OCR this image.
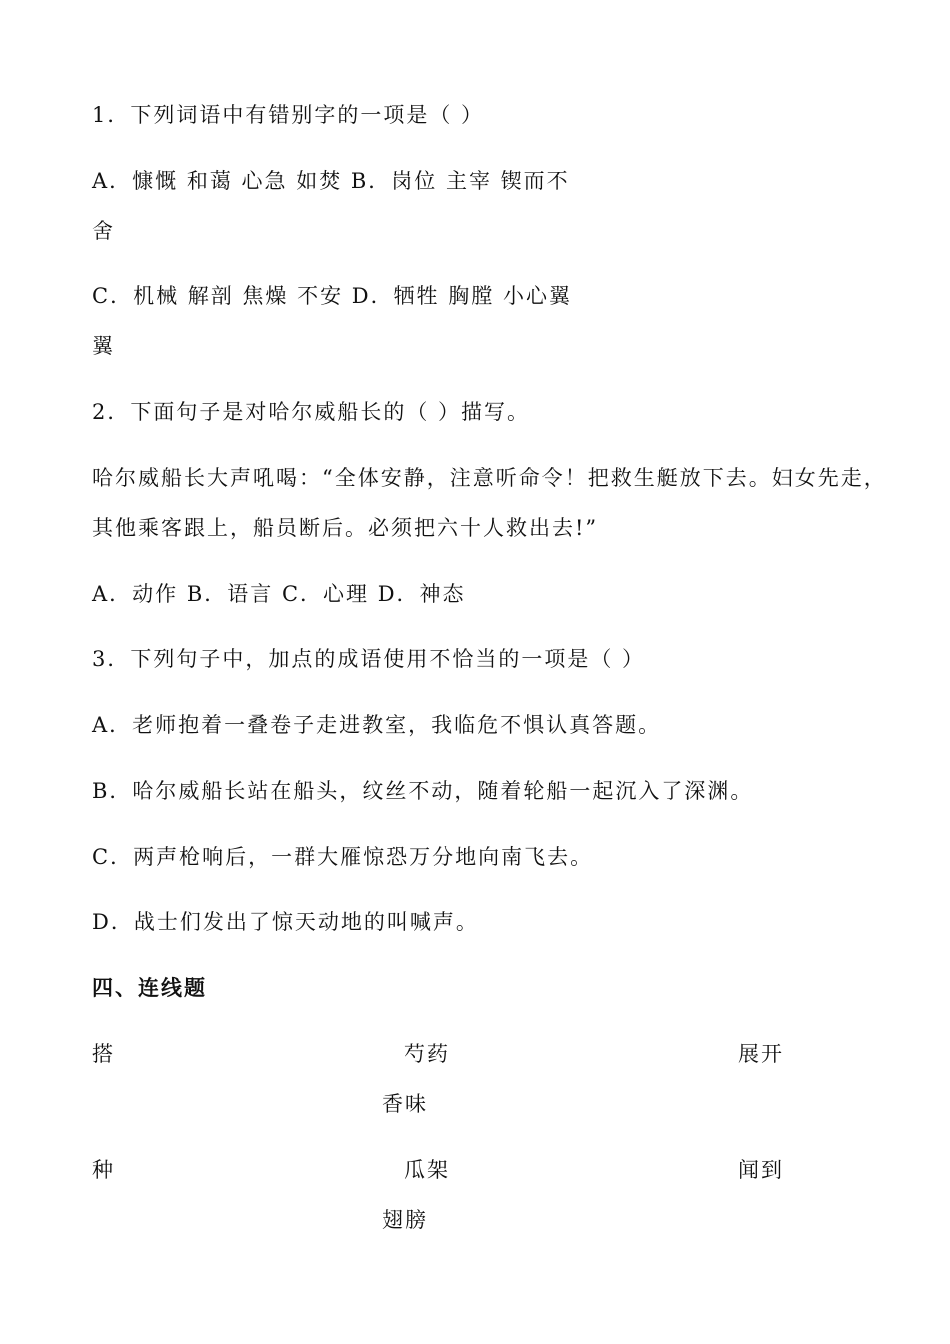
1．下列词语中有错别字的一项是（ ）
A．慷慨 和蔼 心急 如焚 B．岗位 主宰 锲而不
舍
C．机械 解剖 焦燥 不安 D．牺牲 胸膛 小心翼
翼
2．下面句子是对哈尔威船长的（ ）描写。
哈尔威船长大声吼喝：“全体安静，注意听命令！把救生艇放下去。妇女先走，
其他乘客跟上，船员断后。必须把六十人救出去!”
A．动作 B．语言 C．心理 D．神态
3．下列句子中，加点的成语使用不恰当的一项是（ ）
A．老师抱着一叠卷子走进教室，我临危不惧认真答题。
B．哈尔威船长站在船头，纹丝不动，随着轮船一起沉入了深渊。
C．两声枪响后，一群大雁惊恐万分地向南飞去。
D．战士们发出了惊天动地的叫喊声。
四、连线题
搭	芍药	展开
香味
种	瓜架	闻到
翅膀
